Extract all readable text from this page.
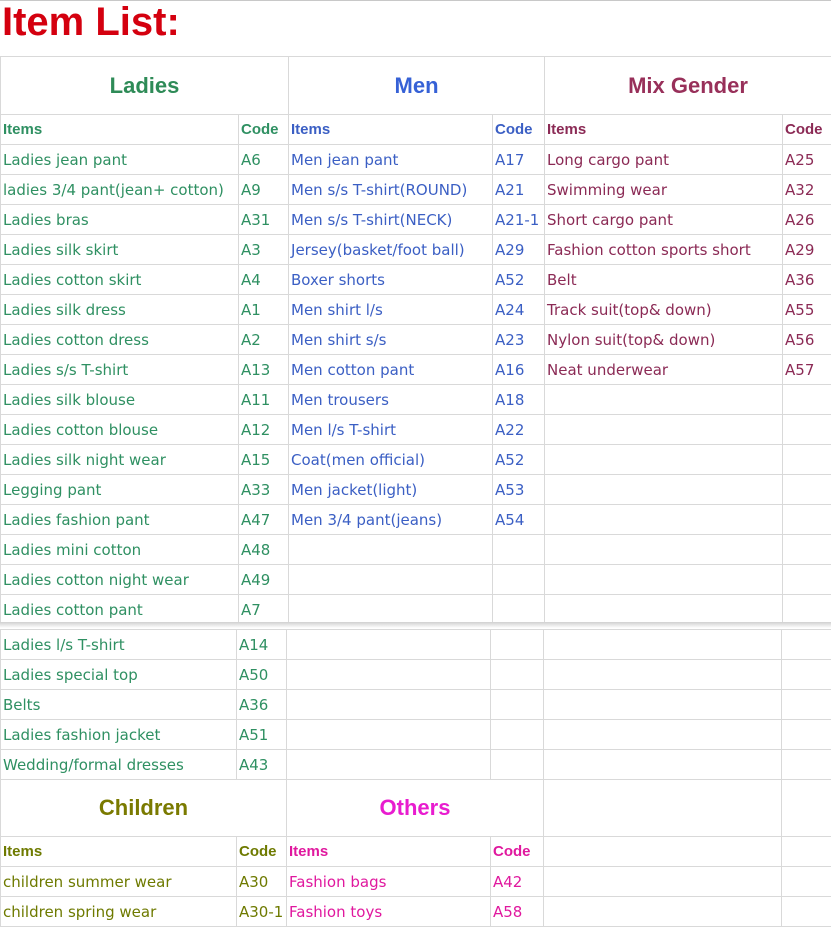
Item List:
Ladies		Men		Mix Gender	
Items	Code	Items	Code	Items	Code
Ladies jean pant	A6	Men jean pant	A17	Long cargo pant	A25
ladies 3/4 pant(jean+ cotton)	A9	Men s/s T-shirt(ROUND)	A21	Swimming wear	A32
Ladies bras	A31	Men s/s T-shirt(NECK)	A21-1	Short cargo pant	A26
Ladies silk skirt	A3	Jersey(basket/foot ball)	A29	Fashion cotton sports short	A29
Ladies cotton skirt	A4	Boxer shorts	A52	Belt	A36
Ladies silk dress	A1	Men shirt l/s	A24	Track suit(top& down)	A55
Ladies cotton dress	A2	Men shirt s/s	A23	Nylon suit(top& down)	A56
Ladies s/s T-shirt	A13	Men cotton pant	A16	Neat underwear	A57
Ladies silk blouse	A11	Men trousers	A18		
Ladies cotton blouse	A12	Men l/s T-shirt	A22		
Ladies silk night wear	A15	Coat(men official)	A52		
Legging pant	A33	Men jacket(light)	A53		
Ladies fashion pant	A47	Men 3/4 pant(jeans)	A54		
Ladies mini cotton	A48				
Ladies cotton night wear	A49				
Ladies cotton pant	A7				
Ladies l/s T-shirt	A14				
Ladies special top	A50				
Belts	A36				
Ladies fashion jacket	A51				
Wedding/formal dresses	A43				
Children		Others			
Items	Code	Items	Code		
children summer wear	A30	Fashion bags	A42		
children spring wear	A30-1	Fashion toys	A58		
